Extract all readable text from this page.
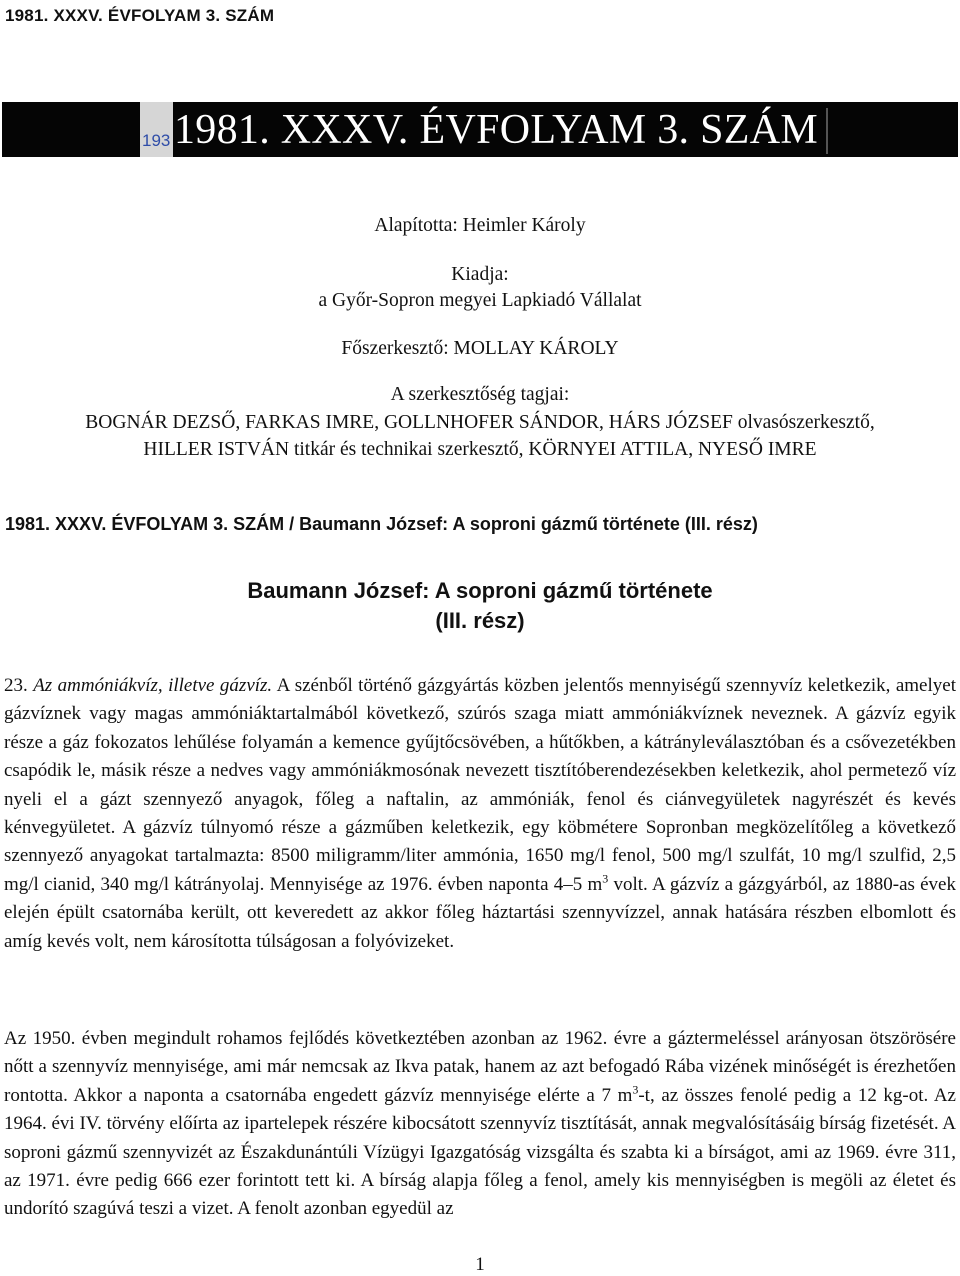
1981. XXXV. ÉVFOLYAM 3. SZÁM
193 1981. XXXV. ÉVFOLYAM 3. SZÁM
Alapította: Heimler Károly
Kiadja:
a Győr-Sopron megyei Lapkiadó Vállalat
Főszerkesztő: MOLLAY KÁROLY
A szerkesztőség tagjai:
BOGNÁR DEZSŐ, FARKAS IMRE, GOLLNHOFER SÁNDOR, HÁRS JÓZSEF olvasószerkesztő,
HILLER ISTVÁN titkár és technikai szerkesztő, KÖRNYEI ATTILA, NYESŐ IMRE
1981. XXXV. ÉVFOLYAM 3. SZÁM / Baumann József: A soproni gázmű története (III. rész)
Baumann József: A soproni gázmű története
(III. rész)

23. Az ammóniákvíz, illetve gázvíz. A szénből történő gázgyártás közben jelentős mennyiségű szennyvíz keletkezik, amelyet gázvíznek vagy magas ammóniáktartalmából következő, szúrós szaga miatt ammóniákvíznek neveznek. A gázvíz egyik része a gáz fokozatos lehűlése folyamán a kemence gyűjtőcsövében, a hűtőkben, a kátrányleválasztóban és a csővezetékben csapódik le, másik része a nedves vagy ammóniákmosónak nevezett tisztítóberendezésekben keletkezik, ahol permetező víz nyeli el a gázt szennyező anyagok, főleg a naftalin, az ammóniák, fenol és ciánvegyületek nagyrészét és kevés kénvegyületet. A gázvíz túlnyomó része a gázműben keletkezik, egy köbmétere Sopronban megközelítőleg a következő szennyező anyagokat tartalmazta: 8500 miligramm/liter ammónia, 1650 mg/l fenol, 500 mg/l szulfát, 10 mg/l szulfid, 2,5 mg/l cianid, 340 mg/l kátrányolaj. Mennyisége az 1976. évben naponta 4–5 $m^3$ volt. A gázvíz a gázgyárból, az 1880-as évek elején épült csatornába került, ott keveredett az akkor főleg háztartási szennyvízzel, annak hatására részben elbomlott és amíg kevés volt, nem károsította túlságosan a folyóvizeket.

Az 1950. évben megindult rohamos fejlődés következtében azonban az 1962. évre a gáztermeléssel arányosan ötszörösére nőtt a szennyvíz mennyisége, ami már nemcsak az Ikva patak, hanem az azt befogadó Rába vizének minőségét is érezhetően rontotta. Akkor a naponta a csatornába engedett gázvíz mennyisége elérte a 7 $m^3-t$, az összes fenolé pedig a 12 kg-ot. Az 1964. évi IV. törvény előírta az ipartelepek részére kibocsátott szennyvíz tisztítását, annak megvalósításáig bírság fizetését. A soproni gázmű szennyvizét az Északdunántúli Vízügyi Igazgatóság vizsgálta és szabta ki a bírságot, ami az 1969. évre 311, az 1971. évre pedig 666 ezer forintott tett ki. A bírság alapja főleg a fenol, amely kis mennyiségben is megöli az életet és undorító szagúvá teszi a vizet. A fenolt azonban egyedül az

1
